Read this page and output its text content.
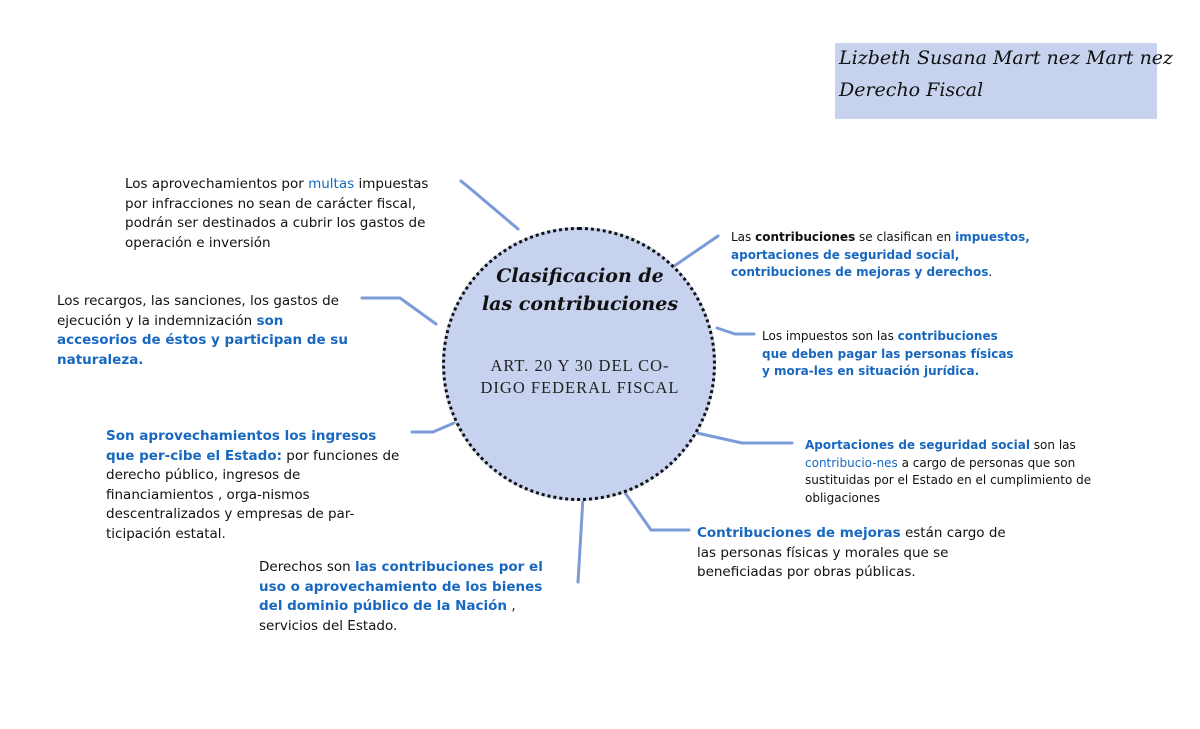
Lizbeth Susana Mart nez Mart nez
Derecho Fiscal
Clasificacion de
las contribuciones
ART. 20 Y 30 DEL CO-
DIGO FEDERAL FISCAL
Los aprovechamientos por multas impuestas por infracciones no sean de carácter fiscal, podrán ser destinados a cubrir los gastos de operación e inversión
Los recargos, las sanciones, los gastos de ejecución y la indemnización son accesorios de éstos y participan de su naturaleza.
Son aprovechamientos los ingresos que per-cibe el Estado: por funciones de derecho público, ingresos de financiamientos , orga-nismos descentralizados y empresas de par-ticipación estatal.
Derechos son las contribuciones por el uso o aprovechamiento de los bienes del dominio público de la Nación , servicios del Estado.
Las contribuciones se clasifican en impuestos, aportaciones de seguridad social, contribuciones de mejoras y derechos.
Los impuestos son las contribuciones que deben pagar las personas físicas y mora-les en situación jurídica.
Aportaciones de seguridad social son las contribucio-nes a cargo de personas que son sustituidas por el Estado en el cumplimiento de obligaciones
Contribuciones de mejoras están cargo de las personas físicas y morales que se beneficiadas por obras públicas.
